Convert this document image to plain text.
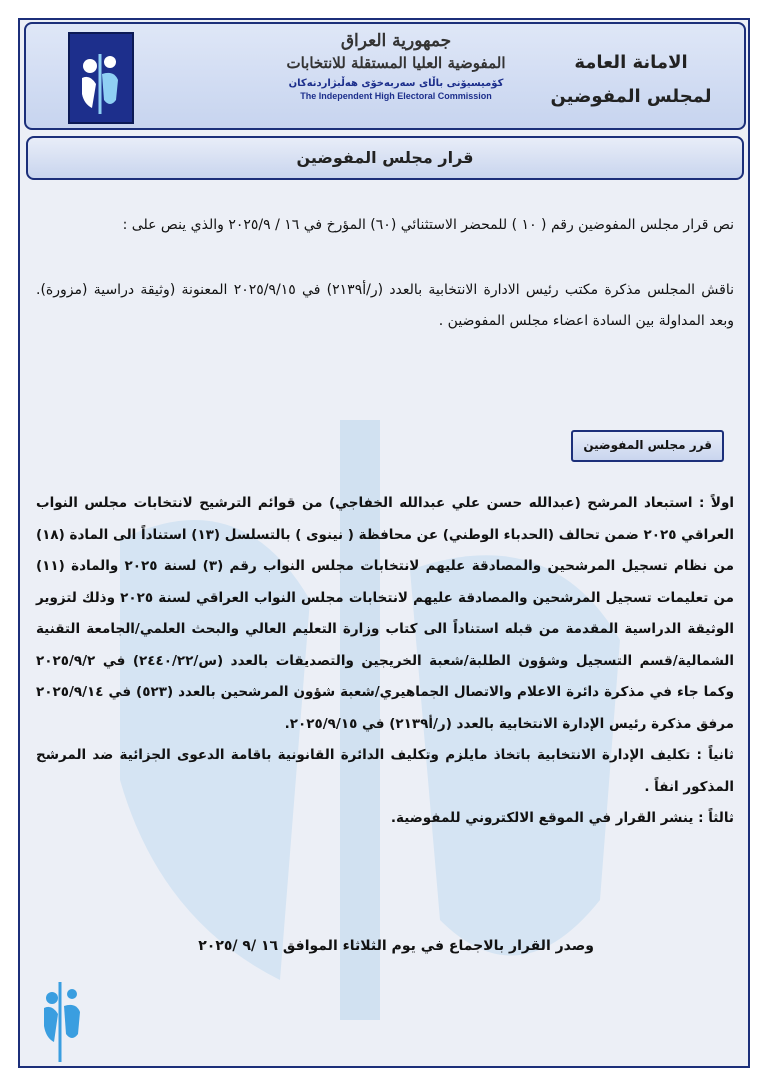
جمهورية العراق
المفوضية العليا المستقلة للانتخابات
کۆمیسیۆنی باڵای سەربەخۆی هەڵبژاردنەکان
The Independent High Electoral Commission
الامانة العامة
لمجلس المفوضين
قرار مجلس المفوضين

نص قرار مجلس المفوضين رقم ( ١٠ ) للمحضر الاستثنائي (٦٠) المؤرخ في ١٦ / ٢٠٢٥/٩ والذي ينص على :

ناقش المجلس مذكرة مكتب رئيس الادارة الانتخابية بالعدد (ر/أ٢١٣٩) في ٢٠٢٥/٩/١٥ المعنونة (وثيقة دراسية (مزورة). وبعد المداولة بين السادة اعضاء مجلس المفوضين .

قرر مجلس المفوضين

اولاً : استبعاد المرشح (عبدالله حسن علي عبدالله الخفاجي) من قوائم الترشيح لانتخابات مجلس النواب العراقي ٢٠٢٥ ضمن تحالف (الحدباء الوطني) عن محافظة ( نينوى ) بالتسلسل (١٣) استناداً الى المادة (١٨) من نظام تسجيل المرشحين والمصادقة عليهم لانتخابات مجلس النواب رقم (٣) لسنة ٢٠٢٥ والمادة (١١) من تعليمات تسجيل المرشحين والمصادقة عليهم لانتخابات مجلس النواب العراقي لسنة ٢٠٢٥ وذلك لتزوير الوثيقة الدراسية المقدمة من قبله استناداً الى كتاب وزارة التعليم العالي والبحث العلمي/الجامعة التقنية الشمالية/قسم التسجيل وشؤون الطلبة/شعبة الخريجين والتصديقات بالعدد (س/٢٤٤٠/٢٢) في ٢٠٢٥/٩/٢ وكما جاء في مذكرة دائرة الاعلام والاتصال الجماهيري/شعبة شؤون المرشحين بالعدد (٥٢٣) في ٢٠٢٥/٩/١٤ مرفق مذكرة رئيس الإدارة الانتخابية بالعدد (ر/أ٢١٣٩) في ٢٠٢٥/٩/١٥.

ثانياً : تكليف الإدارة الانتخابية باتخاذ مايلزم وتكليف الدائرة القانونية باقامة الدعوى الجزائية ضد المرشح المذكور انفاً .

ثالثاً : ينشر القرار في الموقع الالكتروني للمفوضية.

وصدر القرار بالاجماع في يوم الثلاثاء الموافق ١٦ /٩ /٢٠٢٥
